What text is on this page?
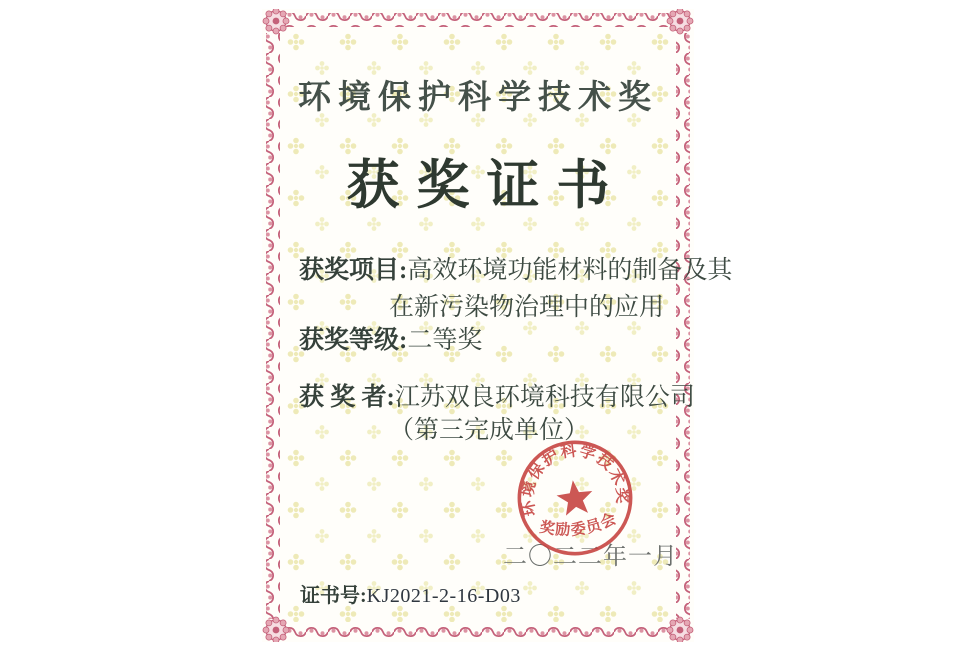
环境保护科学技术奖
获奖证书
获奖项目:高效环境功能材料的制备及其
在新污染物治理中的应用
获奖等级:二等奖
获 奖 者:江苏双良环境科技有限公司
（第三完成单位）
二〇二二年一月
证书号:KJ2021-2-16-D03
环境保护科学技术奖
奖励委员会
